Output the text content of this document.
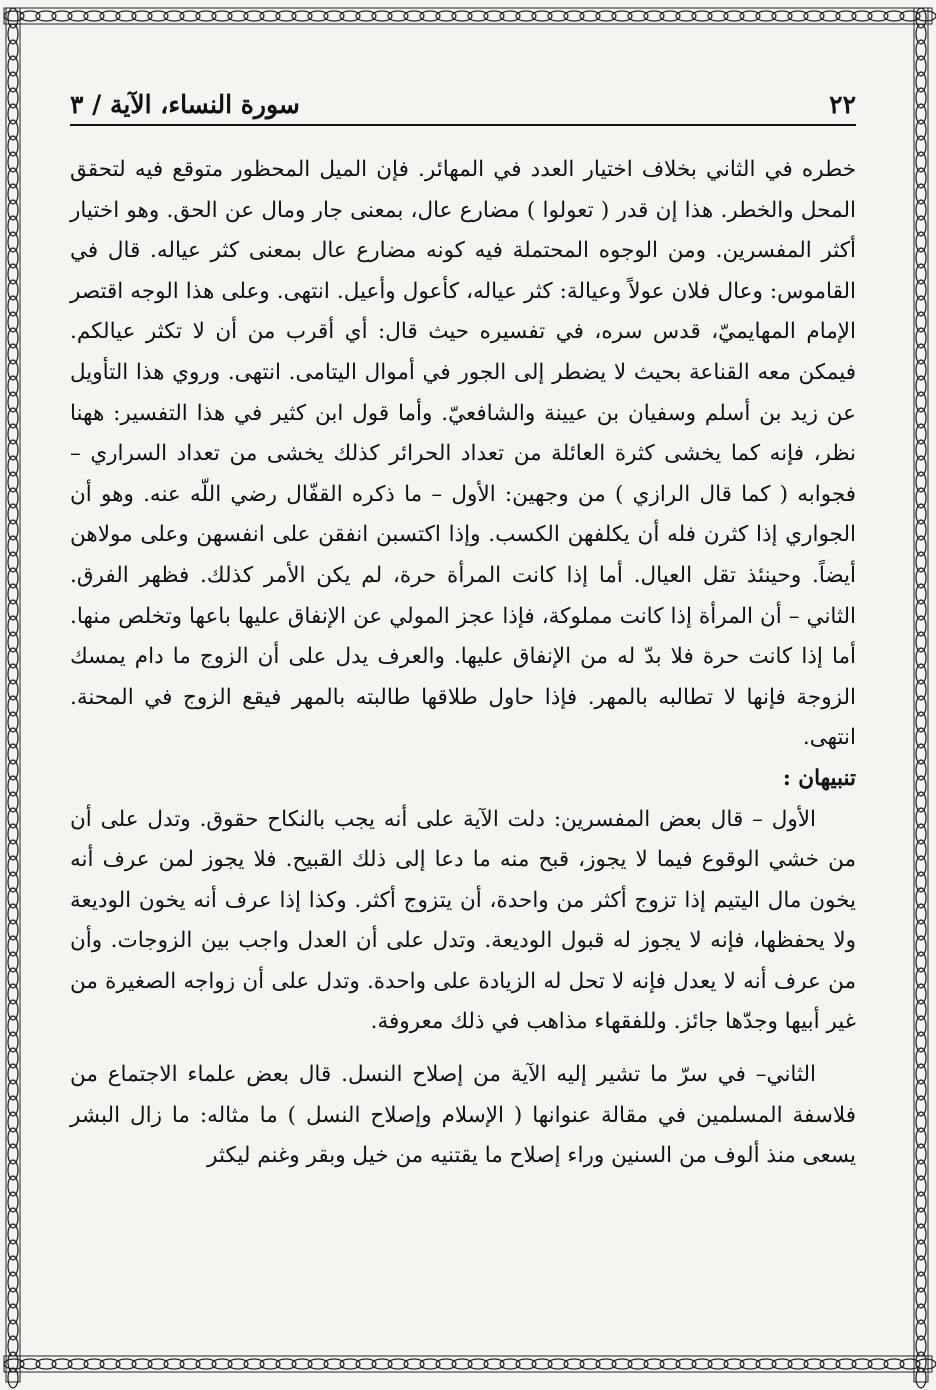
٢٢
سورة النساء، الآية / ٣

خطره في الثاني بخلاف اختيار العدد في المهائر. فإن الميل المحظور متوقع فيه لتحقق المحل والخطر. هذا إن قدر ( تعولوا ) مضارع عال، بمعنى جار ومال عن الحق. وهو اختيار أكثر المفسرين. ومن الوجوه المحتملة فيه كونه مضارع عال بمعنى كثر عياله. قال في القاموس: وعال فلان عولاً وعيالة: كثر عياله، كأعول وأعيل. انتهى. وعلى هذا الوجه اقتصر الإمام المهايميّ، قدس سره، في تفسيره حيث قال: أي أقرب من أن لا تكثر عيالكم. فيمكن معه القناعة بحيث لا يضطر إلى الجور في أموال اليتامى. انتهى. وروي هذا التأويل عن زيد بن أسلم وسفيان بن عيينة والشافعيّ. وأما قول ابن كثير في هذا التفسير: ههنا نظر، فإنه كما يخشى كثرة العائلة من تعداد الحرائر كذلك يخشى من تعداد السراري – فجوابه ( كما قال الرازي ) من وجهين: الأول – ما ذكره القفّال رضي اللّه عنه. وهو أن الجواري إذا كثرن فله أن يكلفهن الكسب. وإذا اكتسبن انفقن على انفسهن وعلى مولاهن أيضاً. وحينئذ تقل العيال. أما إذا كانت المرأة حرة، لم يكن الأمر كذلك. فظهر الفرق. الثاني – أن المرأة إذا كانت مملوكة، فإذا عجز المولي عن الإنفاق عليها باعها وتخلص منها. أما إذا كانت حرة فلا بدّ له من الإنفاق عليها. والعرف يدل على أن الزوج ما دام يمسك الزوجة فإنها لا تطالبه بالمهر. فإذا حاول طلاقها طالبته بالمهر فيقع الزوج في المحنة. انتهى.

تنبيهان :

الأول – قال بعض المفسرين: دلت الآية على أنه يجب بالنكاح حقوق. وتدل على أن من خشي الوقوع فيما لا يجوز، قبح منه ما دعا إلى ذلك القبيح. فلا يجوز لمن عرف أنه يخون مال اليتيم إذا تزوج أكثر من واحدة، أن يتزوج أكثر. وكذا إذا عرف أنه يخون الوديعة ولا يحفظها، فإنه لا يجوز له قبول الوديعة. وتدل على أن العدل واجب بين الزوجات. وأن من عرف أنه لا يعدل فإنه لا تحل له الزيادة على واحدة. وتدل على أن زواجه الصغيرة من غير أبيها وجدّها جائز. وللفقهاء مذاهب في ذلك معروفة.

الثاني– في سرّ ما تشير إليه الآية من إصلاح النسل. قال بعض علماء الاجتماع من فلاسفة المسلمين في مقالة عنوانها ( الإسلام وإصلاح النسل ) ما مثاله: ما زال البشر يسعى منذ ألوف من السنين وراء إصلاح ما يقتنيه من خيل وبقر وغنم ليكثر
